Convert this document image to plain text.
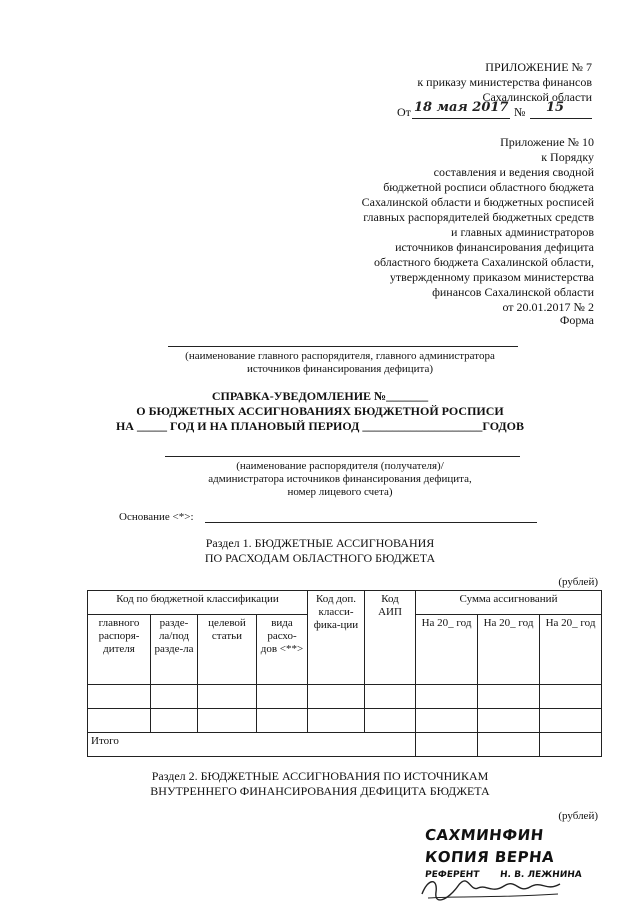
ПРИЛОЖЕНИЕ № 7
к приказу министерства финансов
Сахалинской области
От 18 мая 2017 № 15
Приложение № 10
к Порядку
составления и ведения сводной
бюджетной росписи областного бюджета
Сахалинской области и бюджетных росписей
главных распорядителей бюджетных средств
и главных администраторов
источников финансирования дефицита
областного бюджета Сахалинской области,
утвержденному приказом министерства
финансов Сахалинской области
от 20.01.2017 № 2
Форма
(наименование главного распорядителя, главного администратора
источников финансирования дефицита)
СПРАВКА-УВЕДОМЛЕНИЕ №_______
О БЮДЖЕТНЫХ АССИГНОВАНИЯХ БЮДЖЕТНОЙ РОСПИСИ
НА _____ ГОД И НА ПЛАНОВЫЙ ПЕРИОД ____________________ГОДОВ
(наименование распорядителя (получателя)/
администратора источников финансирования дефицита,
номер лицевого счета)
Основание <*>:
Раздел 1. БЮДЖЕТНЫЕ АССИГНОВАНИЯ
ПО РАСХОДАМ ОБЛАСТНОГО БЮДЖЕТА
(рублей)
Код по бюджетной классификации				Код доп. класси-фика-ции	Код АИП	Сумма ассигнований		
главного распоря-дителя	разде-ла/под разде-ла	целевой статьи	вида расхо-дов <**>			На 20_ год	На 20_ год	На 20_ год

Итого								
Раздел 2. БЮДЖЕТНЫЕ АССИГНОВАНИЯ ПО ИСТОЧНИКАМ
ВНУТРЕННЕГО ФИНАНСИРОВАНИЯ ДЕФИЦИТА БЮДЖЕТА
(рублей)
САХМИНФИН
КОПИЯ ВЕРНА
РЕФЕРЕНТ Н. В. ЛЕЖНИНА
